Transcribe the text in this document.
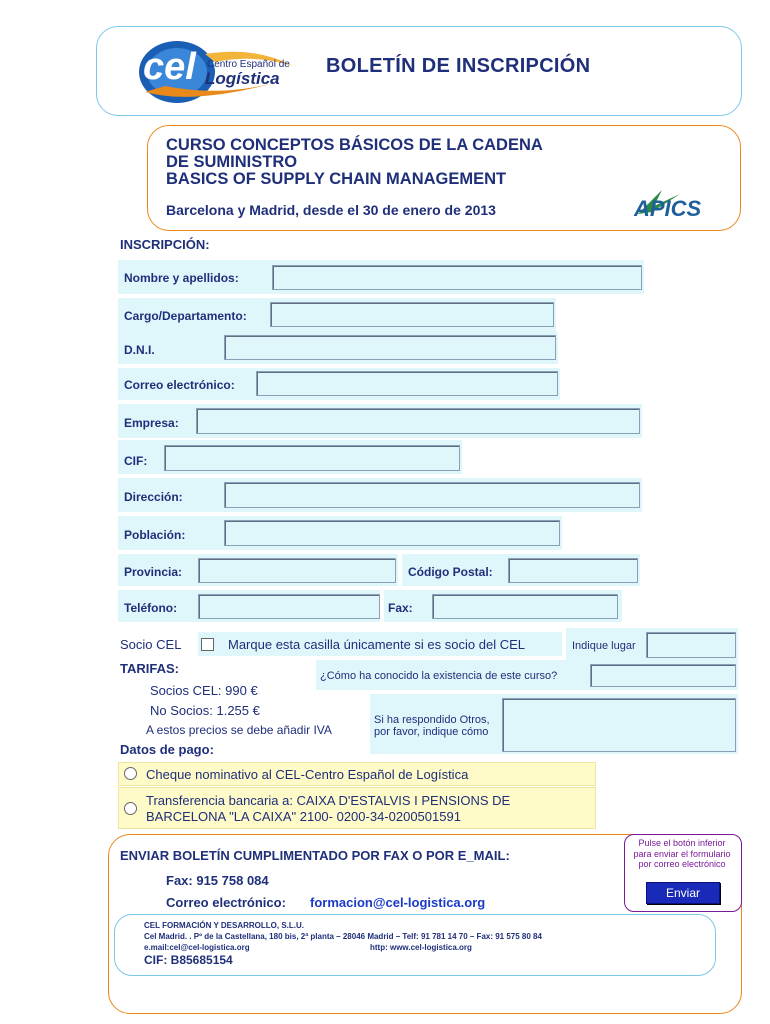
cel Centro Español de
Logística
BOLETÍN DE INSCRIPCIÓN
CURSO CONCEPTOS BÁSICOS DE LA CADENA
DE SUMINISTRO
BASICS OF SUPPLY CHAIN MANAGEMENT
Barcelona y Madrid, desde el 30 de enero de 2013	APICS
INSCRIPCIÓN:
Nombre y apellidos:
Cargo/Departamento:
D.N.I.
Correo electrónico:
Empresa:
CIF:
Dirección:
Población:
Provincia:	Código Postal:
Teléfono:	Fax:
Socio CEL	Marque esta casilla únicamente si es socio del CEL	Indique lugar
TARIFAS:
Socios CEL: 990 €
No Socios: 1.255 €
A estos precios se debe añadir IVA
¿Cómo ha conocido la existencia de este curso?
Si ha respondido Otros,
por favor, indique cómo
Datos de pago:
Cheque nominativo al CEL-Centro Español de Logística
Transferencia bancaria a: CAIXA D'ESTALVIS I PENSIONS DE
BARCELONA "LA CAIXA" 2100- 0200-34-0200501591
ENVIAR BOLETÍN CUMPLIMENTADO POR FAX O POR E_MAIL:
Fax: 915 758 084
Correo electrónico: formacion@cel-logistica.org
Pulse el botón inferior para enviar el formulario por correo electrónico
Enviar
CEL FORMACIÓN Y DESARROLLO, S.L.U.
Cel Madrid. . Pº de la Castellana, 180 bis, 2ª planta – 28046 Madrid – Telf: 91 781 14 70 – Fax: 91 575 80 84
e.mail:cel@cel-logistica.org	http: www.cel-logistica.org
CIF: B85685154
